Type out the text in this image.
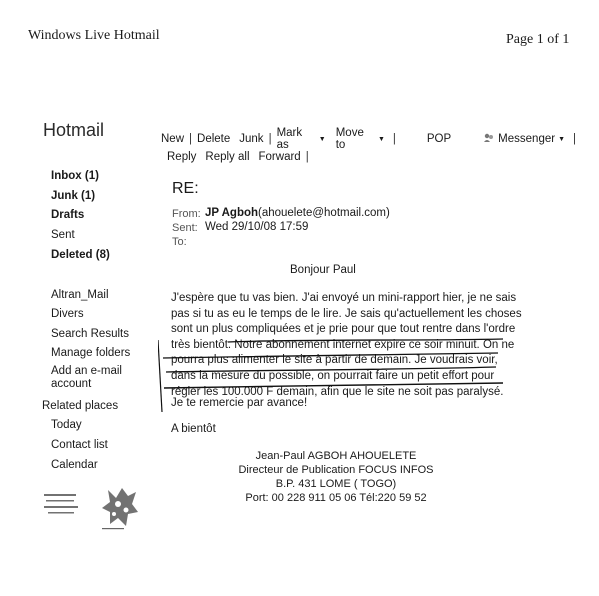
Windows Live Hotmail	Page 1 of 1
Hotmail	New | Delete Junk | Mark as	▼ Move to	▼ |	POP	Messenger ▼ |
Reply Reply all Forward |
Inbox (1)
Junk (1)
Drafts
Sent
Deleted (8)
Altran_Mail
Divers
Search Results
Manage folders
Add an e-mail
account
Related places
Today
Contact list
Calendar
RE:
From: JP Agboh (ahouelete@hotmail.com)
Sent: Wed 29/10/08 17:59
To:
Bonjour Paul
J'espère que tu vas bien. J'ai envoyé un mini-rapport hier, je ne sais
pas si tu as eu le temps de le lire. Je sais qu'actuellement les choses
sont un plus compliquées et je prie pour que tout rentre dans l'ordre
très bientôt. Notre abonnement internet expire ce soir minuit. On ne
pourra plus alimenter le site à partir de demain. Je voudrais voir,
dans la mesure du possible, on pourrait faire un petit effort pour
régler les 100.000 F demain, afin que le site ne soit pas paralysé.
Je te remercie par avance!
A bientôt
Jean-Paul AGBOH AHOUELETE
Directeur de Publication FOCUS INFOS
B.P. 431 LOME ( TOGO)
Port: 00 228 911 05 06 Tél:220 59 52
